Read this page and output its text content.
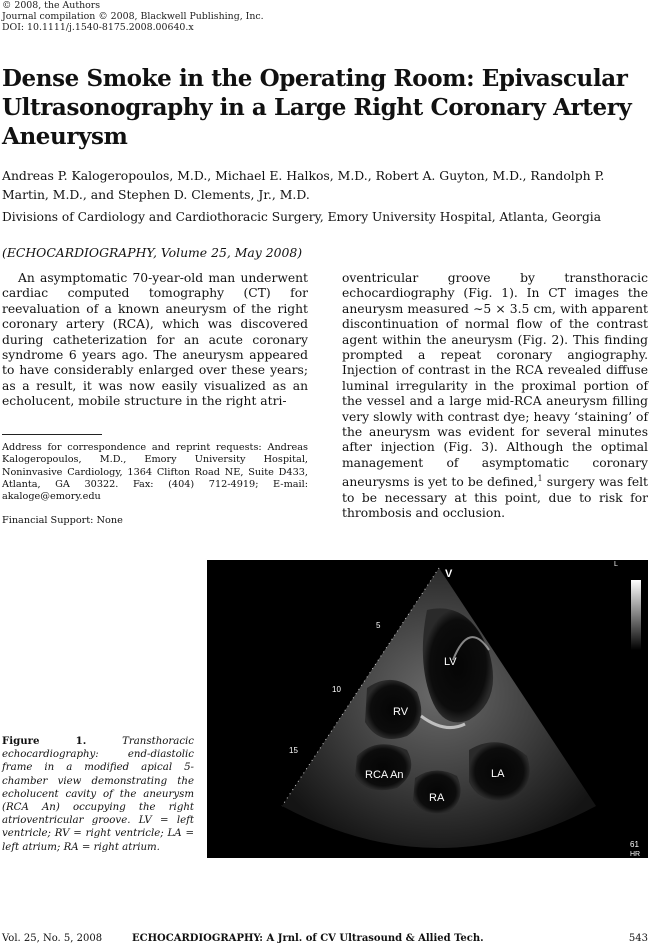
© 2008, the Authors
Journal compilation © 2008, Blackwell Publishing, Inc.
DOI: 10.1111/j.1540-8175.2008.00640.x
Dense Smoke in the Operating Room: Epivascular Ultrasonography in a Large Right Coronary Artery Aneurysm

Andreas P. Kalogeropoulos, M.D., Michael E. Halkos, M.D., Robert A. Guyton, M.D., Randolph P. Martin, M.D., and Stephen D. Clements, Jr., M.D.

Divisions of Cardiology and Cardiothoracic Surgery, Emory University Hospital, Atlanta, Georgia

(ECHOCARDIOGRAPHY, Volume 25, May 2008)

An asymptomatic 70-year-old man underwent cardiac computed tomography (CT) for reevaluation of a known aneurysm of the right coronary artery (RCA), which was discovered during catheterization for an acute coronary syndrome 6 years ago. The aneurysm appeared to have considerably enlarged over these years; as a result, it was now easily visualized as an echolucent, mobile structure in the right atri-

oventricular groove by transthoracic echocardiography (Fig. 1). In CT images the aneurysm measured ∼5 × 3.5 cm, with apparent discontinuation of normal flow of the contrast agent within the aneurysm (Fig. 2). This finding prompted a repeat coronary angiography. Injection of contrast in the RCA revealed diffuse luminal irregularity in the proximal portion of the vessel and a large mid-RCA aneurysm filling very slowly with contrast dye; heavy ‘staining’ of the aneurysm was evident for several minutes after injection (Fig. 3). Although the optimal management of asymptomatic coronary aneurysms is yet to be defined,$^1$ surgery was felt to be necessary at this point, due to risk for thrombosis and occlusion.

Address for correspondence and reprint requests: Andreas Kalogeropoulos, M.D., Emory University Hospital, Noninvasive Cardiology, 1364 Clifton Road NE, Suite D433, Atlanta, GA 30322. Fax: (404) 712-4919; E-mail: akaloge@emory.edu

Financial Support: None

V
5
10
15
LV
RV
RCA An	LA
RA
L
61
HR

Figure 1. Transthoracic echocardiography: end-diastolic frame in a modified apical 5-chamber view demonstrating the echolucent cavity of the aneurysm (RCA An) occupying the right atrioventricular groove. LV = left ventricle; RV = right ventricle; LA = left atrium; RA = right atrium.

Vol. 25, No. 5, 2008	ECHOCARDIOGRAPHY: A Jrnl. of CV Ultrasound & Allied Tech.	543
